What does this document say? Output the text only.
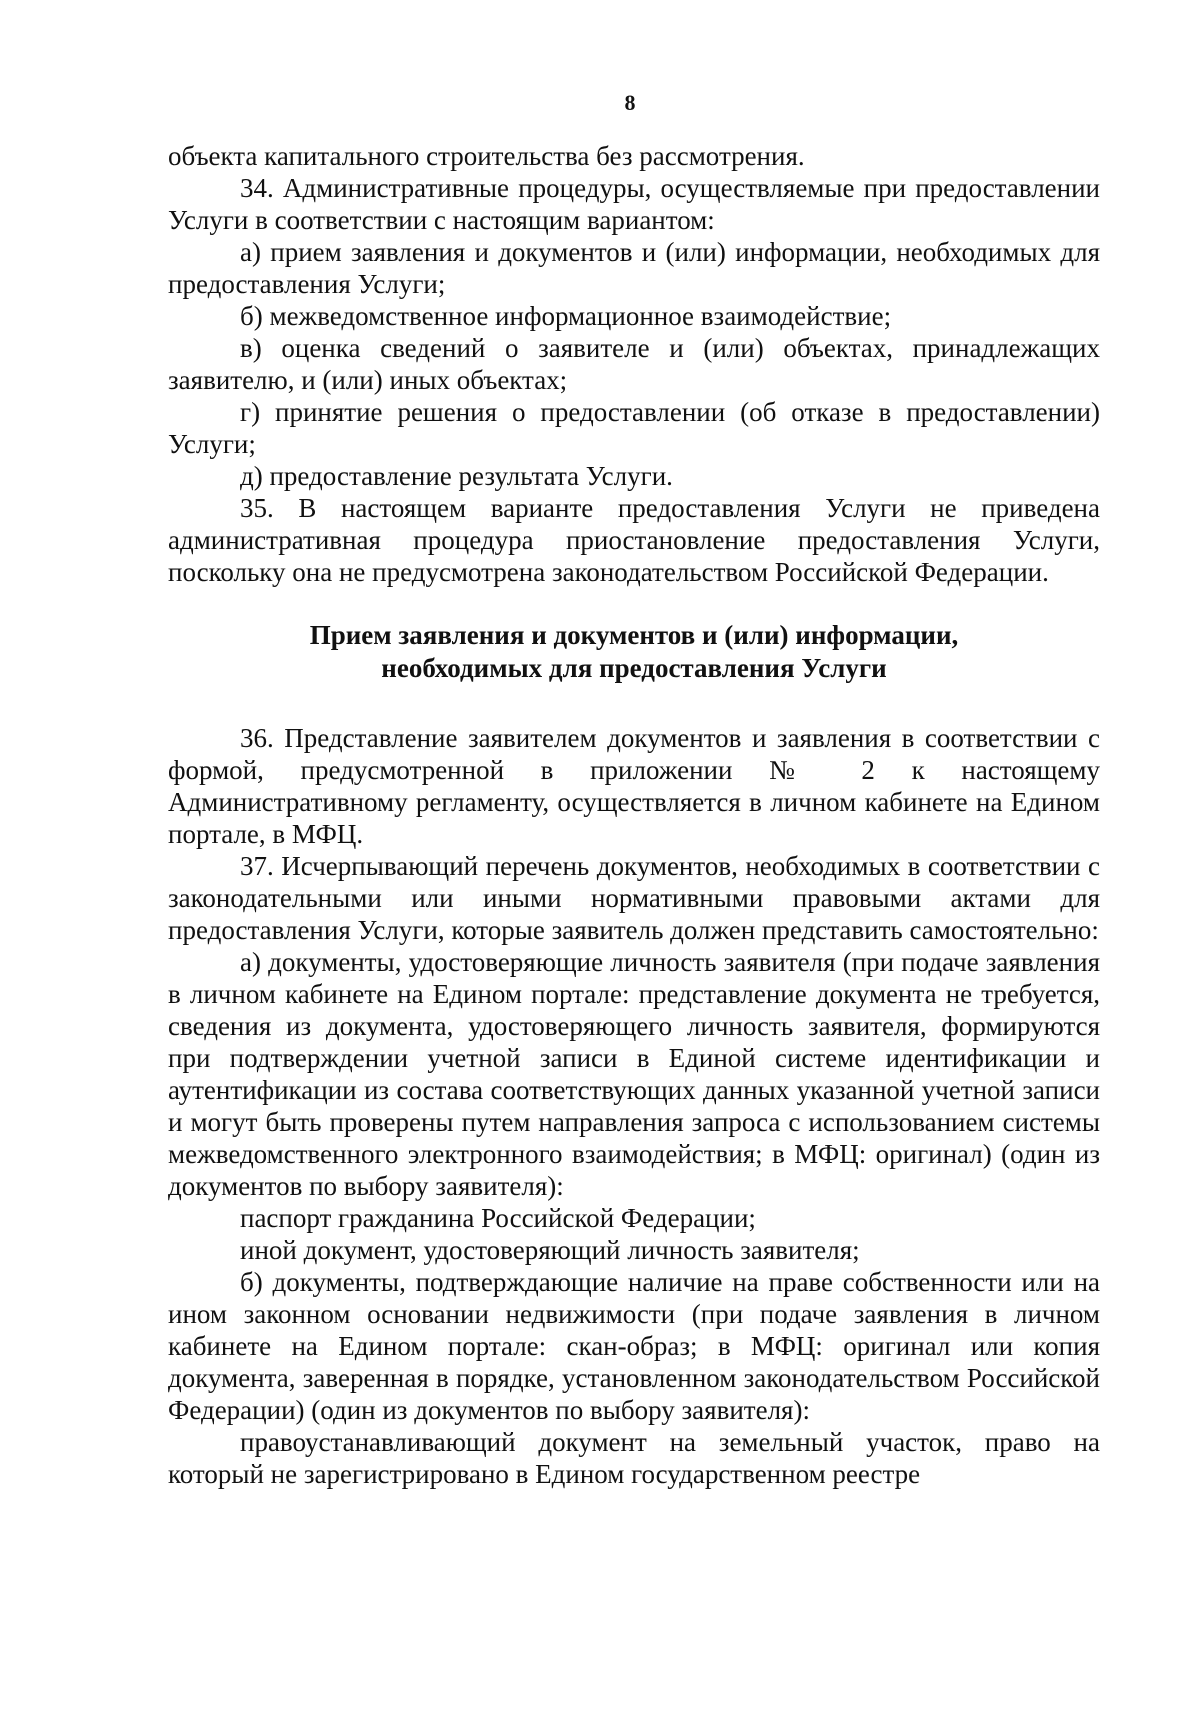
8

объекта капитального строительства без рассмотрения.

34. Административные процедуры, осуществляемые при предоставлении Услуги в соответствии с настоящим вариантом:

а) прием заявления и документов и (или) информации, необходимых для предоставления Услуги;

б) межведомственное информационное взаимодействие;

в) оценка сведений о заявителе и (или) объектах, принадлежащих заявителю, и (или) иных объектах;

г) принятие решения о предоставлении (об отказе в предоставлении) Услуги;

д) предоставление результата Услуги.

35. В настоящем варианте предоставления Услуги не приведена административная процедура приостановление предоставления Услуги, поскольку она не предусмотрена законодательством Российской Федерации.

Прием заявления и документов и (или) информации,
необходимых для предоставления Услуги

36. Представление заявителем документов и заявления в соответствии с формой, предусмотренной в приложении № 2 к настоящему Административному регламенту, осуществляется в личном кабинете на Едином портале, в МФЦ.

37. Исчерпывающий перечень документов, необходимых в соответствии с законодательными или иными нормативными правовыми актами для предоставления Услуги, которые заявитель должен представить самостоятельно:

а) документы, удостоверяющие личность заявителя (при подаче заявления в личном кабинете на Едином портале: представление документа не требуется, сведения из документа, удостоверяющего личность заявителя, формируются при подтверждении учетной записи в Единой системе идентификации и аутентификации из состава соответствующих данных указанной учетной записи и могут быть проверены путем направления запроса с использованием системы межведомственного электронного взаимодействия; в МФЦ: оригинал) (один из документов по выбору заявителя):

паспорт гражданина Российской Федерации;

иной документ, удостоверяющий личность заявителя;

б) документы, подтверждающие наличие на праве собственности или на ином законном основании недвижимости (при подаче заявления в личном кабинете на Едином портале: скан-образ; в МФЦ: оригинал или копия документа, заверенная в порядке, установленном законодательством Российской Федерации) (один из документов по выбору заявителя):

правоустанавливающий документ на земельный участок, право на который не зарегистрировано в Едином государственном реестре
